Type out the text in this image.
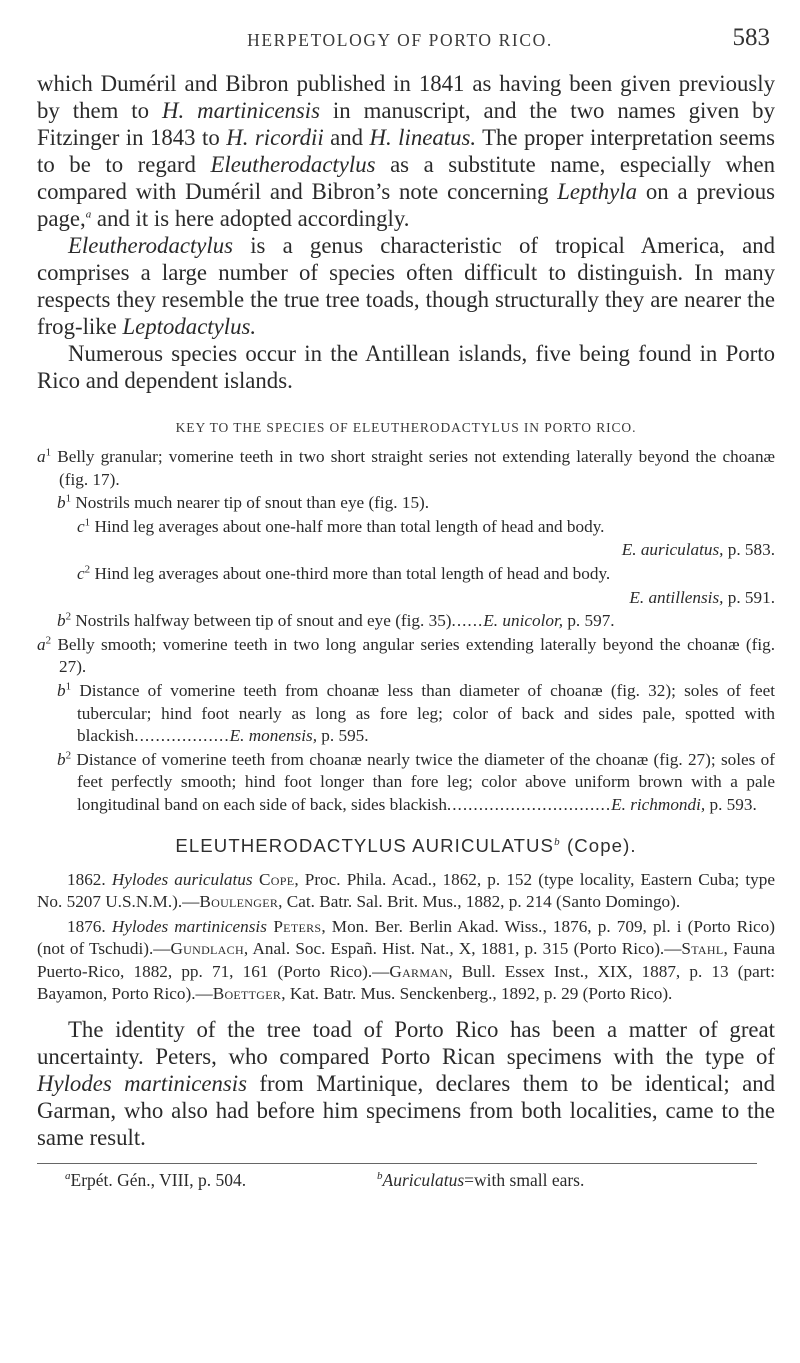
HERPETOLOGY OF PORTO RICO.	583

which Duméril and Bibron published in 1841 as having been given previously by them to H. martinicensis in manuscript, and the two names given by Fitzinger in 1843 to H. ricordii and H. lineatus. The proper interpretation seems to be to regard Eleutherodactylus as a substitute name, especially when compared with Duméril and Bibron’s note concerning Lepthyla on a previous page,$^a$ and it is here adopted accordingly.

Eleutherodactylus is a genus characteristic of tropical America, and comprises a large number of species often difficult to distinguish. In many respects they resemble the true tree toads, though structurally they are nearer the frog-like Leptodactylus.

Numerous species occur in the Antillean islands, five being found in Porto Rico and dependent islands.

KEY TO THE SPECIES OF ELEUTHERODACTYLUS IN PORTO RICO.
$a^1$ Belly granular; vomerine teeth in two short straight series not extending laterally beyond the choanæ (fig. 17).
$b^1$ Nostrils much nearer tip of snout than eye (fig. 15).
$c^1$ Hind leg averages about one-half more than total length of head and body.
E. auriculatus, p. 583.
$c^2$ Hind leg averages about one-third more than total length of head and body.
E. antillensis, p. 591.
$b^2$ Nostrils halfway between tip of snout and eye (fig. 35)......E. unicolor, p. 597.
$a^2$ Belly smooth; vomerine teeth in two long angular series extending laterally beyond the choanæ (fig. 27).
$b^1$ Distance of vomerine teeth from choanæ less than diameter of choanæ (fig. 32); soles of feet tubercular; hind foot nearly as long as fore leg; color of back and sides pale, spotted with blackish..................E. monensis, p. 595.
$b^2$ Distance of vomerine teeth from choanæ nearly twice the diameter of the choanæ (fig. 27); soles of feet perfectly smooth; hind foot longer than fore leg; color above uniform brown with a pale longitudinal band on each side of back, sides blackish...............................E. richmondi, p. 593.
ELEUTHERODACTYLUS AURICULATUS$^b$ (Cope).

1862. Hylodes auriculatus Cope, Proc. Phila. Acad., 1862, p. 152 (type locality, Eastern Cuba; type No. 5207 U.S.N.M.).—Boulenger, Cat. Batr. Sal. Brit. Mus., 1882, p. 214 (Santo Domingo).

1876. Hylodes martinicensis Peters, Mon. Ber. Berlin Akad. Wiss., 1876, p. 709, pl. i (Porto Rico) (not of Tschudi).—Gundlach, Anal. Soc. Españ. Hist. Nat., X, 1881, p. 315 (Porto Rico).—Stahl, Fauna Puerto-Rico, 1882, pp. 71, 161 (Porto Rico).—Garman, Bull. Essex Inst., XIX, 1887, p. 13 (part: Bayamon, Porto Rico).—Boettger, Kat. Batr. Mus. Senckenberg., 1892, p. 29 (Porto Rico).

The identity of the tree toad of Porto Rico has been a matter of great uncertainty. Peters, who compared Porto Rican specimens with the type of Hylodes martinicensis from Martinique, declares them to be identical; and Garman, who also had before him specimens from both localities, came to the same result.

$^a$Erpét. Gén., VIII, p. 504.	$^b$Auriculatus=with small ears.
